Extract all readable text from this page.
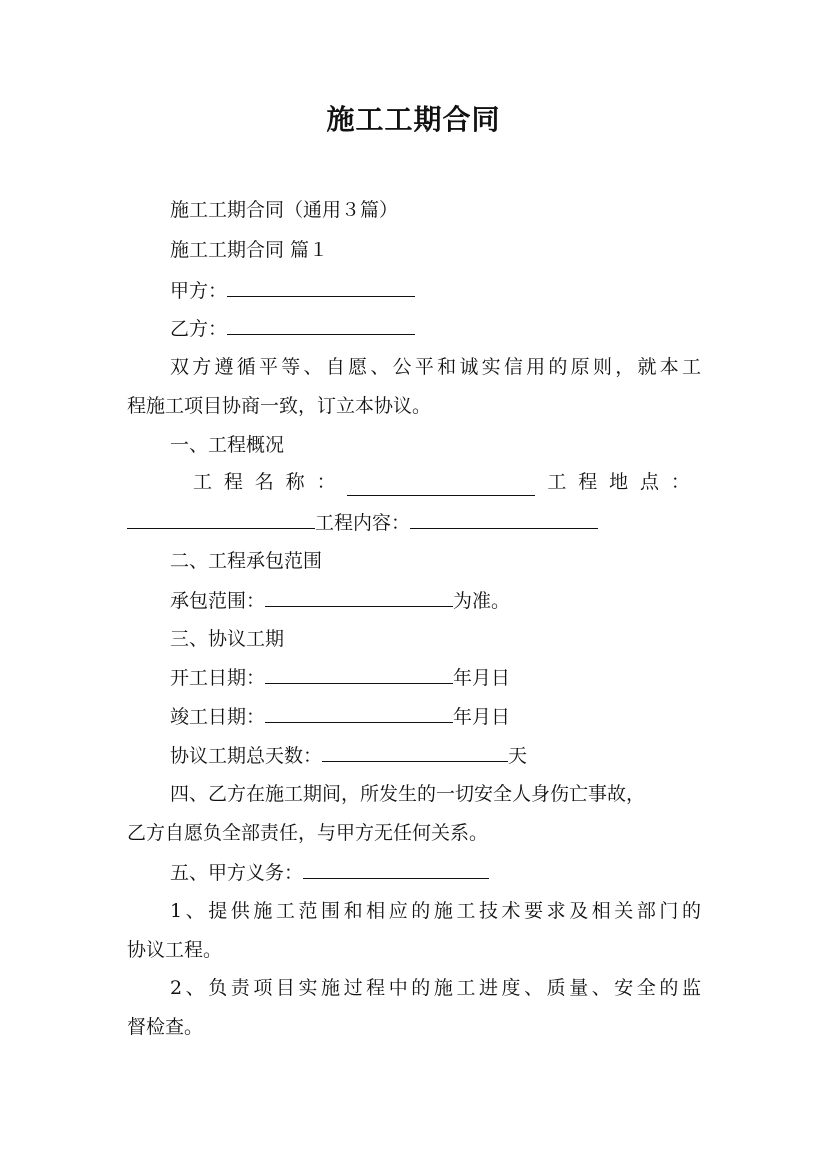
施工工期合同
施工工期合同（通用３篇）
施工工期合同 篇１
甲方：
乙方：
双方遵循平等、自愿、公平和诚实信用的原则，就本工
程施工项目协商一致，订立本协议。
一、工程概况
工 程 名 称 ：	工 程 地 点 ：
工程内容：
二、工程承包范围
承包范围：	为准。
三、协议工期
开工日期：	年月日
竣工日期：	年月日
协议工期总天数：	天
四、乙方在施工期间，所发生的一切安全人身伤亡事故，
乙方自愿负全部责任，与甲方无任何关系。
五、甲方义务：
1、提供施工范围和相应的施工技术要求及相关部门的
协议工程。
2、负责项目实施过程中的施工进度、质量、安全的监
督检查。
